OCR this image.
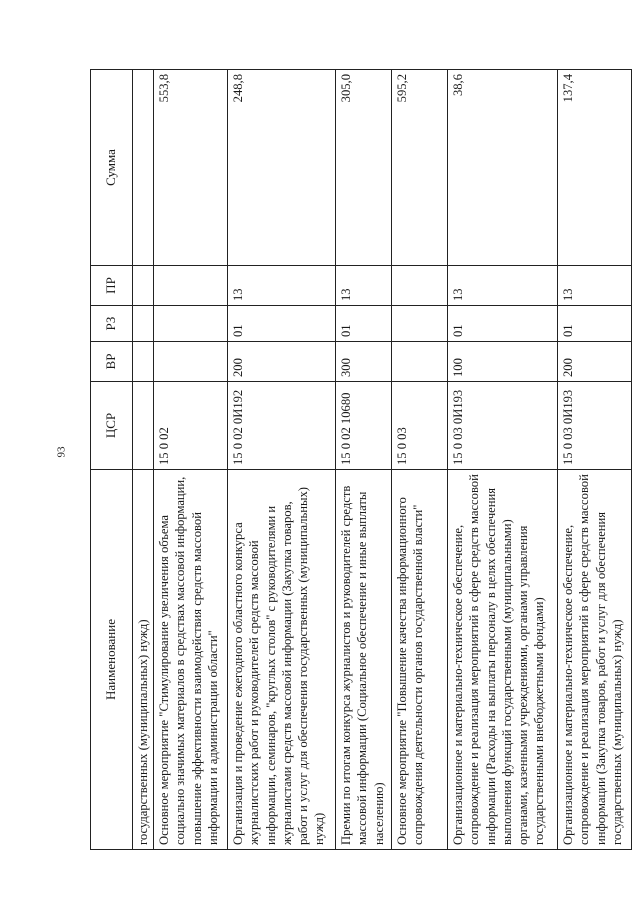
93
Наименование	ЦСР	ВР	РЗ	ПР	Сумма
государственных (муниципальных) нужд)					
Основное мероприятие "Стимулирование увеличения объема социально значимых материалов в средствах массовой информации, повышение эффективности взаимодействия средств массовой информации и администрации области"	15 0 02				553,8
Организация и проведение ежегодного областного конкурса журналистских работ и руководителей средств массовой информации, семинаров, "круглых столов" с руководителями и журналистами средств массовой информации (Закупка товаров, работ и услуг для обеспечения государственных (муниципальных) нужд)	15 0 02 0И192	200	01	13	248,8
Премии по итогам конкурса журналистов и руководителей средств массовой информации (Социальное обеспечение и иные выплаты населению)	15 0 02 10680	300	01	13	305,0
Основное мероприятие "Повышение качества информационного сопровождения деятельности органов государственной власти"	15 0 03				595,2
Организационное и материально-техническое обеспечение, сопровождение и реализация мероприятий в сфере средств массовой информации (Расходы на выплаты персоналу в целях обеспечения выполнения функций государственными (муниципальными) органами, казенными учреждениями, органами управления государственными внебюджетными фондами)	15 0 03 0И193	100	01	13	38,6
Организационное и материально-техническое обеспечение, сопровождение и реализация мероприятий в сфере средств массовой информации (Закупка товаров, работ и услуг для обеспечения государственных (муниципальных) нужд)	15 0 03 0И193	200	01	13	137,4
